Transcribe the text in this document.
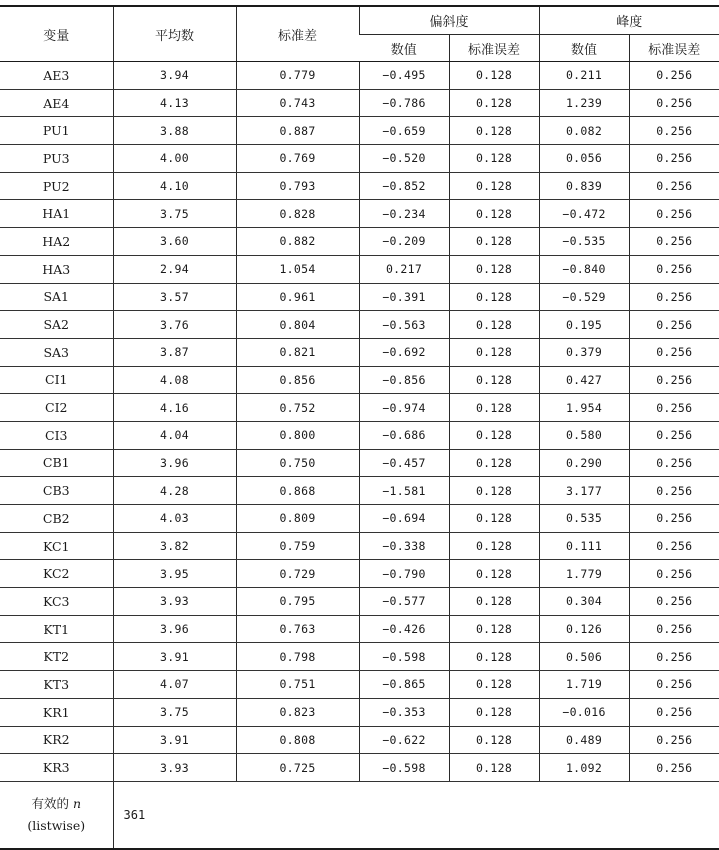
变量	平均数	标准差	偏斜度		峰度	
			数值	标准误差	数值	标准误差
AE3	3.94	0.779	−0.495	0.128	0.211	0.256
AE4	4.13	0.743	−0.786	0.128	1.239	0.256
PU1	3.88	0.887	−0.659	0.128	0.082	0.256
PU3	4.00	0.769	−0.520	0.128	0.056	0.256
PU2	4.10	0.793	−0.852	0.128	0.839	0.256
HA1	3.75	0.828	−0.234	0.128	−0.472	0.256
HA2	3.60	0.882	−0.209	0.128	−0.535	0.256
HA3	2.94	1.054	0.217	0.128	−0.840	0.256
SA1	3.57	0.961	−0.391	0.128	−0.529	0.256
SA2	3.76	0.804	−0.563	0.128	0.195	0.256
SA3	3.87	0.821	−0.692	0.128	0.379	0.256
CI1	4.08	0.856	−0.856	0.128	0.427	0.256
CI2	4.16	0.752	−0.974	0.128	1.954	0.256
CI3	4.04	0.800	−0.686	0.128	0.580	0.256
CB1	3.96	0.750	−0.457	0.128	0.290	0.256
CB3	4.28	0.868	−1.581	0.128	3.177	0.256
CB2	4.03	0.809	−0.694	0.128	0.535	0.256
KC1	3.82	0.759	−0.338	0.128	0.111	0.256
KC2	3.95	0.729	−0.790	0.128	1.779	0.256
KC3	3.93	0.795	−0.577	0.128	0.304	0.256
KT1	3.96	0.763	−0.426	0.128	0.126	0.256
KT2	3.91	0.798	−0.598	0.128	0.506	0.256
KT3	4.07	0.751	−0.865	0.128	1.719	0.256
KR1	3.75	0.823	−0.353	0.128	−0.016	0.256
KR2	3.91	0.808	−0.622	0.128	0.489	0.256
KR3	3.93	0.725	−0.598	0.128	1.092	0.256

有效的 n
(listwise)	361					
